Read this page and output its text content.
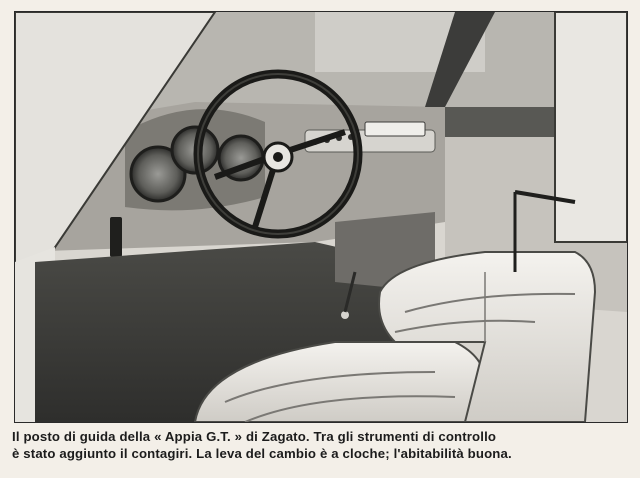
Il posto di guida della « Appia G.T. » di Zagato. Tra gli strumenti di controllo
è stato aggiunto il contagiri. La leva del cambio è a cloche; l'abitabilità buona.
